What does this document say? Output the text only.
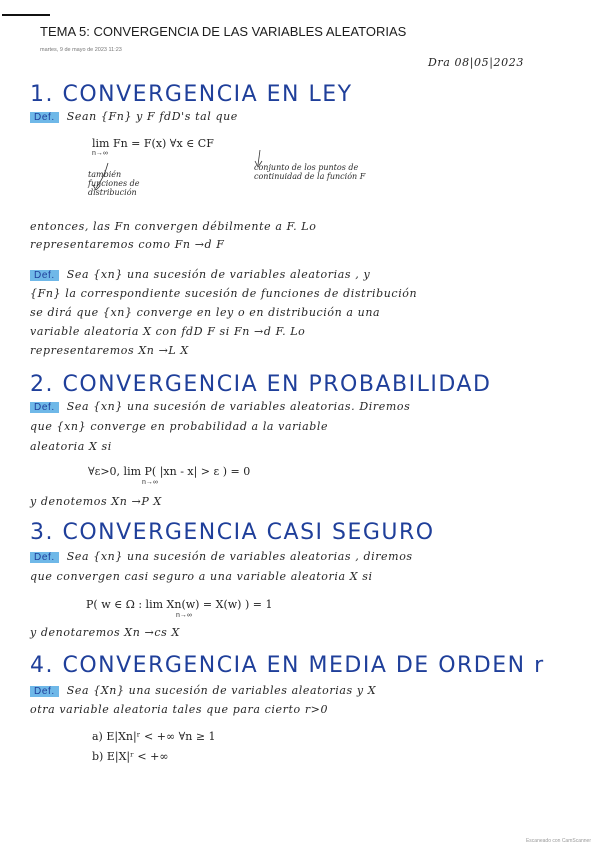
TEMA 5: CONVERGENCIA DE LAS VARIABLES ALEATORIAS
martes, 9 de mayo de 2023 11:23
Dra 08|05|2023
1. CONVERGENCIA EN LEY
Def. Sean {Fn} y F fdD's tal que
lim Fn = F(x) ∀x ∈ CF
n→∞
también funciones de distribución
conjunto de los puntos de continuidad de la función F
entonces, las Fn convergen débilmente a F. Lo
representaremos como Fn →d F
Def. Sea {xn} una sucesión de variables aleatorias , y
{Fn} la correspondiente sucesión de funciones de distribución
se dirá que {xn} converge en ley o en distribución a una
variable aleatoria X con fdD F si Fn →d F. Lo
representaremos Xn →L X
2. CONVERGENCIA EN PROBABILIDAD
Def. Sea {xn} una sucesión de variables aleatorias. Diremos
que {xn} converge en probabilidad a la variable
aleatoria X si
∀ε>0, lim P( |xn - x| > ε ) = 0
n→∞
y denotemos Xn →P X
3. CONVERGENCIA CASI SEGURO
Def. Sea {xn} una sucesión de variables aleatorias , diremos
que convergen casi seguro a una variable aleatoria X si
P( w ∈ Ω : lim Xn(w) = X(w) ) = 1
n→∞
y denotaremos Xn →cs X
4. CONVERGENCIA EN MEDIA DE ORDEN r
Def. Sea {Xn} una sucesión de variables aleatorias y X
otra variable aleatoria tales que para cierto r>0
a) E|Xn|ʳ < +∞ ∀n ≥ 1
b) E|X|ʳ < +∞
Escaneado con CamScanner
